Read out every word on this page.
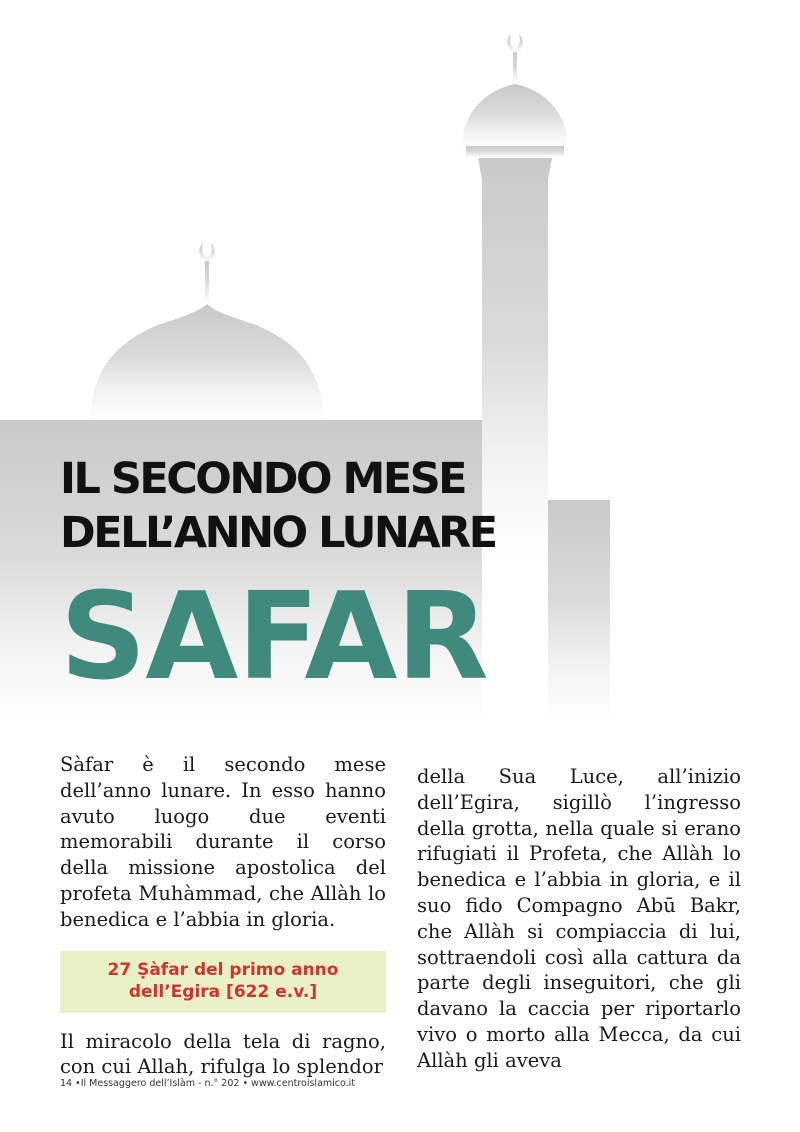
IL SECONDO MESE
DELL’ANNO LUNARE
SAFAR

Sàfar è il secondo mese dell’anno lunare. In esso hanno avuto luogo due eventi memorabili durante il corso della missione apostolica del profeta Muhàmmad, che Allàh lo benedica e l’abbia in gloria.

27 Ṣàfar del primo anno
dell’Egira [622 e.v.]

Il miracolo della tela di ragno, con cui Allah, rifulga lo splendor

della Sua Luce, all’inizio dell’Egira, sigillò l’ingresso della grotta, nella quale si erano rifugiati il Profeta, che Allàh lo benedica e l’abbia in gloria, e il suo fido Compagno Abū Bakr, che Allàh si compiaccia di lui, sottraendoli così alla cattura da parte degli inseguitori, che gli davano la caccia per riportarlo vivo o morto alla Mecca, da cui Allàh gli aveva

14 •Il Messaggero dell’Islàm - n.° 202 • www.centroislamico.it
